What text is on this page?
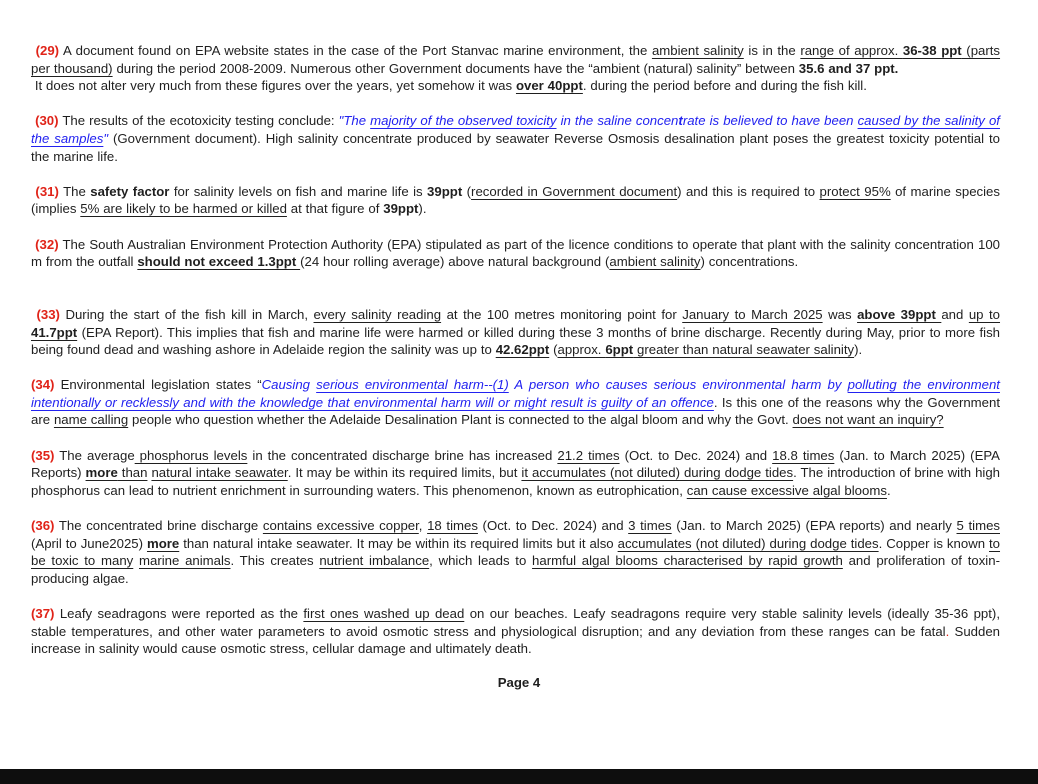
(29) A document found on EPA website states in the case of the Port Stanvac marine environment, the ambient salinity is in the range of approx. 36-38 ppt (parts per thousand) during the period 2008-2009. Numerous other Government documents have the “ambient (natural) salinity” between 35.6 and 37 ppt.
It does not alter very much from these figures over the years, yet somehow it was over 40ppt. during the period before and during the fish kill.

(30) The results of the ecotoxicity testing conclude: "The majority of the observed toxicity in the saline concentrate is believed to have been caused by the salinity of the samples" (Government document). High salinity concentrate produced by seawater Reverse Osmosis desalination plant poses the greatest toxicity potential to the marine life.

(31) The safety factor for salinity levels on fish and marine life is 39ppt (recorded in Government document) and this is required to protect 95% of marine species (implies 5% are likely to be harmed or killed at that figure of 39ppt).

(32) The South Australian Environment Protection Authority (EPA) stipulated as part of the licence conditions to operate that plant with the salinity concentration 100 m from the outfall should not exceed 1.3ppt (24 hour rolling average) above natural background (ambient salinity) concentrations.

(33) During the start of the fish kill in March, every salinity reading at the 100 metres monitoring point for January to March 2025 was above 39ppt and up to 41.7ppt (EPA Report). This implies that fish and marine life were harmed or killed during these 3 months of brine discharge. Recently during May, prior to more fish being found dead and washing ashore in Adelaide region the salinity was up to 42.62ppt (approx. 6ppt greater than natural seawater salinity).

(34) Environmental legislation states “Causing serious environmental harm--(1) A person who causes serious environmental harm by polluting the environment intentionally or recklessly and with the knowledge that environmental harm will or might result is guilty of an offence. Is this one of the reasons why the Government are name calling people who question whether the Adelaide Desalination Plant is connected to the algal bloom and why the Govt. does not want an inquiry?

(35) The average phosphorus levels in the concentrated discharge brine has increased 21.2 times (Oct. to Dec. 2024) and 18.8 times (Jan. to March 2025) (EPA Reports) more than natural intake seawater. It may be within its required limits, but it accumulates (not diluted) during dodge tides. The introduction of brine with high phosphorus can lead to nutrient enrichment in surrounding waters. This phenomenon, known as eutrophication, can cause excessive algal blooms.

(36) The concentrated brine discharge contains excessive copper, 18 times (Oct. to Dec. 2024) and 3 times (Jan. to March 2025) (EPA reports) and nearly 5 times (April to June2025) more than natural intake seawater. It may be within its required limits but it also accumulates (not diluted) during dodge tides. Copper is known to be toxic to many marine animals. This creates nutrient imbalance, which leads to harmful algal blooms characterised by rapid growth and proliferation of toxin-producing algae.

(37) Leafy seadragons were reported as the first ones washed up dead on our beaches. Leafy seadragons require very stable salinity levels (ideally 35-36 ppt), stable temperatures, and other water parameters to avoid osmotic stress and physiological disruption; and any deviation from these ranges can be fatal. Sudden increase in salinity would cause osmotic stress, cellular damage and ultimately death.

Page 4
